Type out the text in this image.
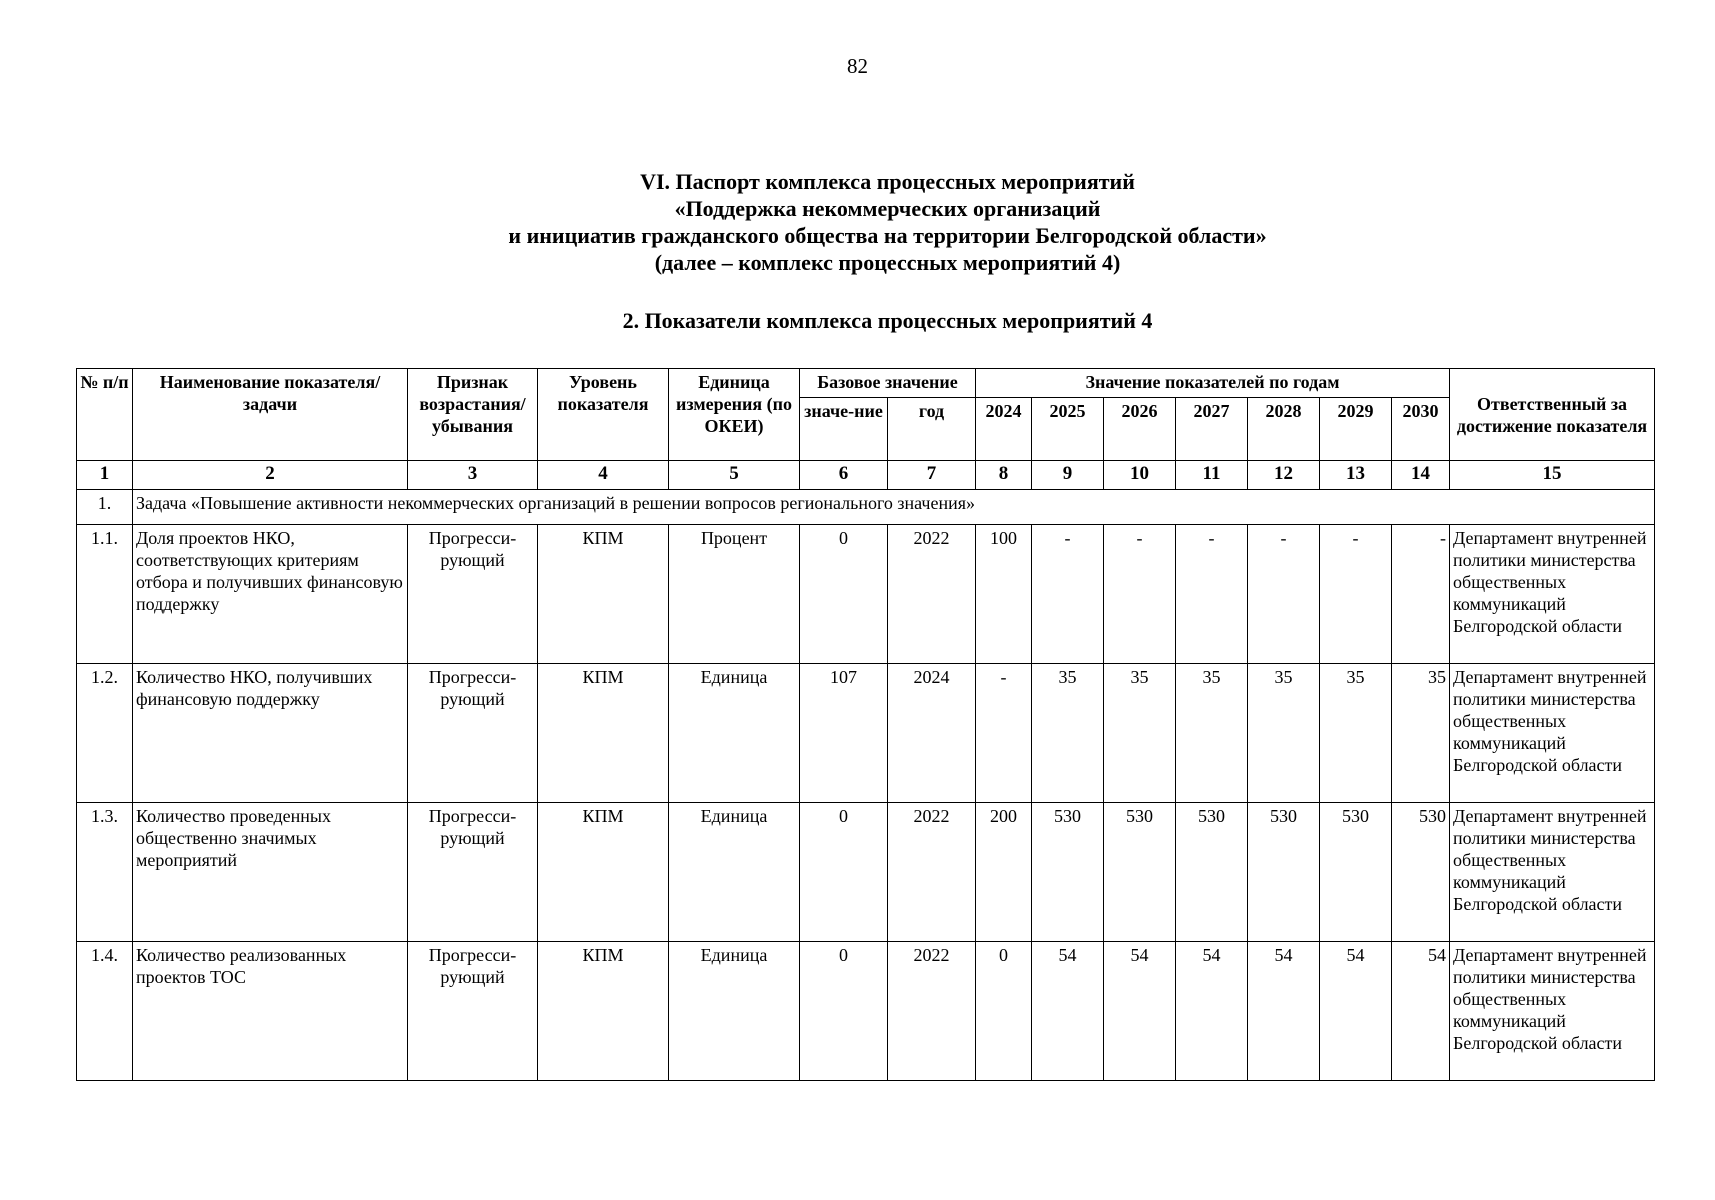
82
VI. Паспорт комплекса процессных мероприятий
«Поддержка некоммерческих организаций
и инициатив гражданского общества на территории Белгородской области»
(далее – комплекс процессных мероприятий 4)
2. Показатели комплекса процессных мероприятий 4
№ п/п	Наименование показателя/задачи	Признак возрастания/ убывания	Уровень показателя	Единица измерения (по ОКЕИ)	Базовое значение		Значение показателей по годам							Ответственный за достижение показателя
					значе-ние	год	2024	2025	2026	2027	2028	2029	2030	
1	2	3	4	5	6	7	8	9	10	11	12	13	14	15
1.	Задача «Повышение активности некоммерческих организаций в решении вопросов регионального значения»													
1.1.	Доля проектов НКО, соответствующих критериям отбора и получивших финансовую поддержку	Прогресси-рующий	КПМ	Процент	0	2022	100	-	-	-	-	-	-	Департамент внутренней политики министерства общественных коммуникаций Белгородской области
1.2.	Количество НКО, получивших финансовую поддержку	Прогресси-рующий	КПМ	Единица	107	2024	-	35	35	35	35	35	35	Департамент внутренней политики министерства общественных коммуникаций Белгородской области
1.3.	Количество проведенных общественно значимых мероприятий	Прогресси-рующий	КПМ	Единица	0	2022	200	530	530	530	530	530	530	Департамент внутренней политики министерства общественных коммуникаций Белгородской области
1.4.	Количество реализованных проектов ТОС	Прогресси-рующий	КПМ	Единица	0	2022	0	54	54	54	54	54	54	Департамент внутренней политики министерства общественных коммуникаций Белгородской области
